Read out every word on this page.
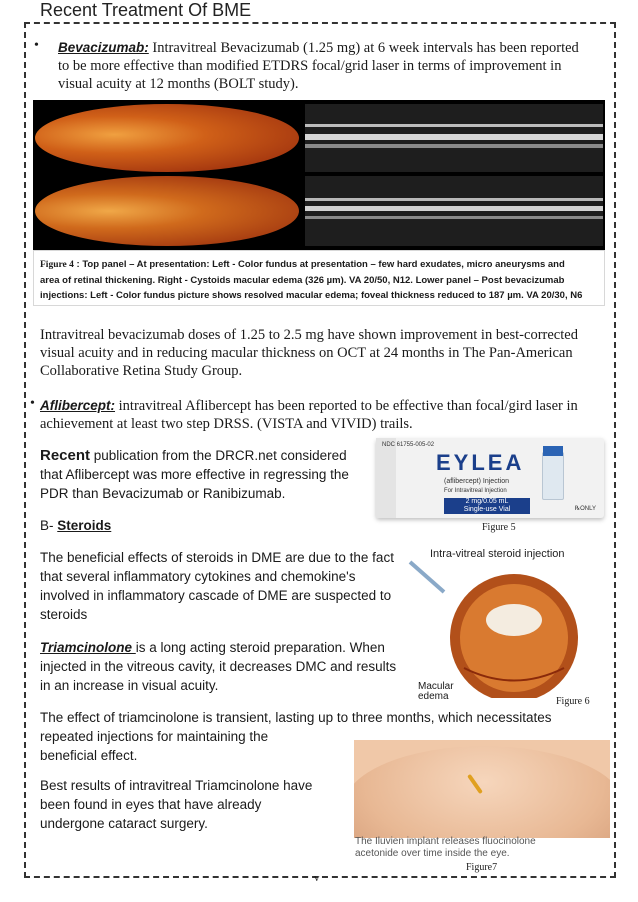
Recent Treatment Of BME
• Bevacizumab: Intravitreal Bevacizumab (1.25 mg) at 6 week intervals has been reported
to be more effective than modified ETDRS focal/grid laser in terms of improvement in
visual acuity at 12 months (BOLT study).
Figure 4 : Top panel – At presentation: Left - Color fundus at presentation – few hard exudates, micro aneurysms and
area of retinal thickening. Right - Cystoids macular edema (326 µm). VA 20/50, N12. Lower panel – Post bevacizumab
injections: Left - Color fundus picture shows resolved macular edema; foveal thickness reduced to 187 µm. VA 20/30, N6
Intravitreal bevacizumab doses of 1.25 to 2.5 mg have shown improvement in best-corrected
visual acuity and in reducing macular thickness on OCT at 24 months in The Pan-American
Collaborative Retina Study Group.
• Aflibercept: intravitreal Aflibercept has been reported to be effective than focal/gird laser in
achievement at least two step DRSS. (VISTA and VIVID) trails.
Recent publication from the DRCR.net considered
that Aflibercept was more effective in regressing the
PDR than Bevacizumab or Ranibizumab.
NDC 61755-005-02
EYLEA
(aflibercept) Injection
For Intravitreal Injection
2 mg/0.05 mL
Single-use Vial	℞ONLY
Figure 5
B- Steroids
The beneficial effects of steroids in DME are due to the fact
that several inflammatory cytokines and chemokine's
involved in inflammatory cascade of DME are suspected to
steroids
Triamcinolone is a long acting steroid preparation. When
injected in the vitreous cavity, it decreases DMC and results
in an increase in visual acuity.
Intra-vitreal steroid injection
Macular
edema	Figure 6
The effect of triamcinolone is transient, lasting up to three months, which necessitates
repeated injections for maintaining the
beneficial effect.
Best results of intravitreal Triamcinolone have
been found in eyes that have already
undergone cataract surgery.
The Iluvien implant releases fluocinolone
acetonide over time inside the eye.
Figure7
v
